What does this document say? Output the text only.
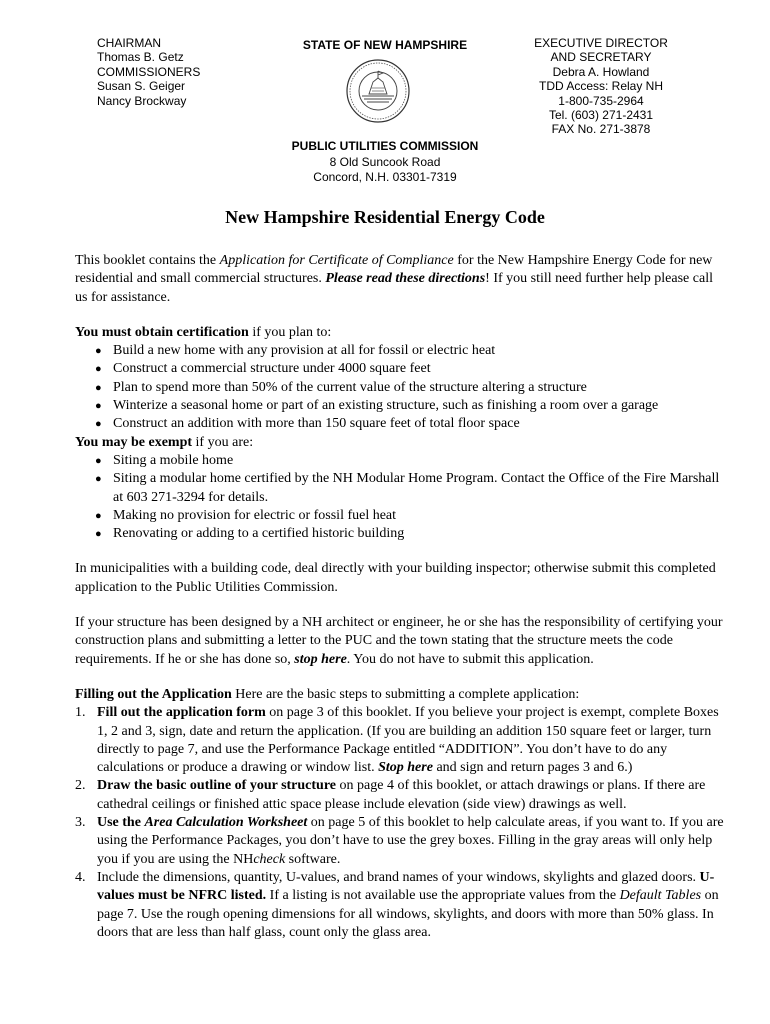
CHAIRMAN
Thomas B. Getz
COMMISSIONERS
Susan S. Geiger
Nancy Brockway
STATE OF NEW HAMPSHIRE
PUBLIC UTILITIES COMMISSION
8 Old Suncook Road
Concord, N.H. 03301-7319
EXECUTIVE DIRECTOR
AND SECRETARY
Debra A. Howland
TDD Access: Relay NH
1-800-735-2964
Tel. (603) 271-2431
FAX No. 271-3878
New Hampshire Residential Energy Code

This booklet contains the Application for Certificate of Compliance for the New Hampshire Energy Code for new residential and small commercial structures. Please read these directions! If you still need further help please call us for assistance.

You must obtain certification if you plan to:

● Build a new home with any provision at all for fossil or electric heat
● Construct a commercial structure under 4000 square feet
● Plan to spend more than 50% of the current value of the structure altering a structure
● Winterize a seasonal home or part of an existing structure, such as finishing a room over a garage
● Construct an addition with more than 150 square feet of total floor space

You may be exempt if you are:

● Siting a mobile home
● Siting a modular home certified by the NH Modular Home Program. Contact the Office of the Fire Marshall at 603 271-3294 for details.
● Making no provision for electric or fossil fuel heat
● Renovating or adding to a certified historic building

In municipalities with a building code, deal directly with your building inspector; otherwise submit this completed application to the Public Utilities Commission.

If your structure has been designed by a NH architect or engineer, he or she has the responsibility of certifying your construction plans and submitting a letter to the PUC and the town stating that the structure meets the code requirements. If he or she has done so, stop here. You do not have to submit this application.

Filling out the Application Here are the basic steps to submitting a complete application:

1. Fill out the application form on page 3 of this booklet. If you believe your project is exempt, complete Boxes 1, 2 and 3, sign, date and return the application. (If you are building an addition 150 square feet or larger, turn directly to page 7, and use the Performance Package entitled “ADDITION”. You don’t have to do any calculations or produce a drawing or window list. Stop here and sign and return pages 3 and 6.)
2. Draw the basic outline of your structure on page 4 of this booklet, or attach drawings or plans. If there are cathedral ceilings or finished attic space please include elevation (side view) drawings as well.
3. Use the Area Calculation Worksheet on page 5 of this booklet to help calculate areas, if you want to. If you are using the Performance Packages, you don’t have to use the grey boxes. Filling in the gray areas will only help you if you are using the NHcheck software.
4. Include the dimensions, quantity, U-values, and brand names of your windows, skylights and glazed doors. U-values must be NFRC listed. If a listing is not available use the appropriate values from the Default Tables on page 7. Use the rough opening dimensions for all windows, skylights, and doors with more than 50% glass. In doors that are less than half glass, count only the glass area.
